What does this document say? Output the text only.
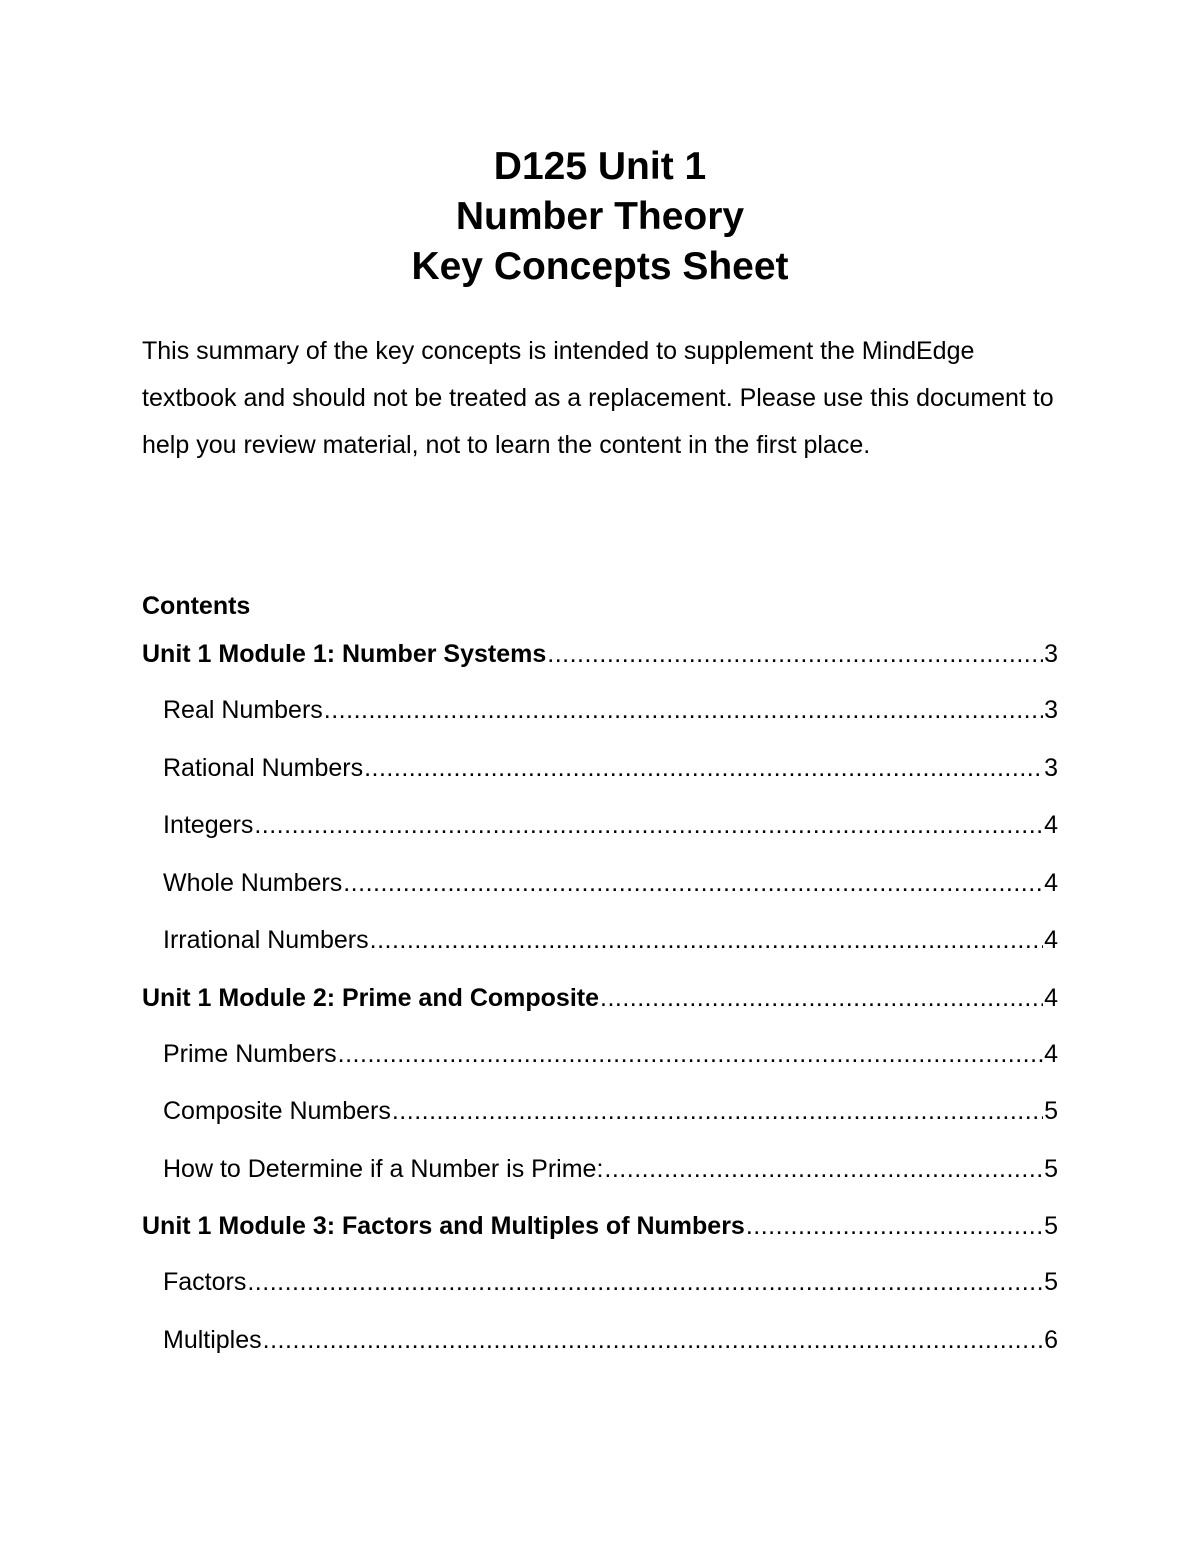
D125 Unit 1
Number Theory
Key Concepts Sheet

This summary of the key concepts is intended to supplement the MindEdge textbook and should not be treated as a replacement. Please use this document to help you review material, not to learn the content in the first place.

Contents
Unit 1 Module 1: Number Systems .....	3
Real Numbers .....	3
Rational Numbers .....	3
Integers .....	4
Whole Numbers .....	4
Irrational Numbers .....	4
Unit 1 Module 2: Prime and Composite .....	4
Prime Numbers .....	4
Composite Numbers .....	5
How to Determine if a Number is Prime: .....	5
Unit 1 Module 3: Factors and Multiples of Numbers .....	5
Factors .....	5
Multiples .....	6
